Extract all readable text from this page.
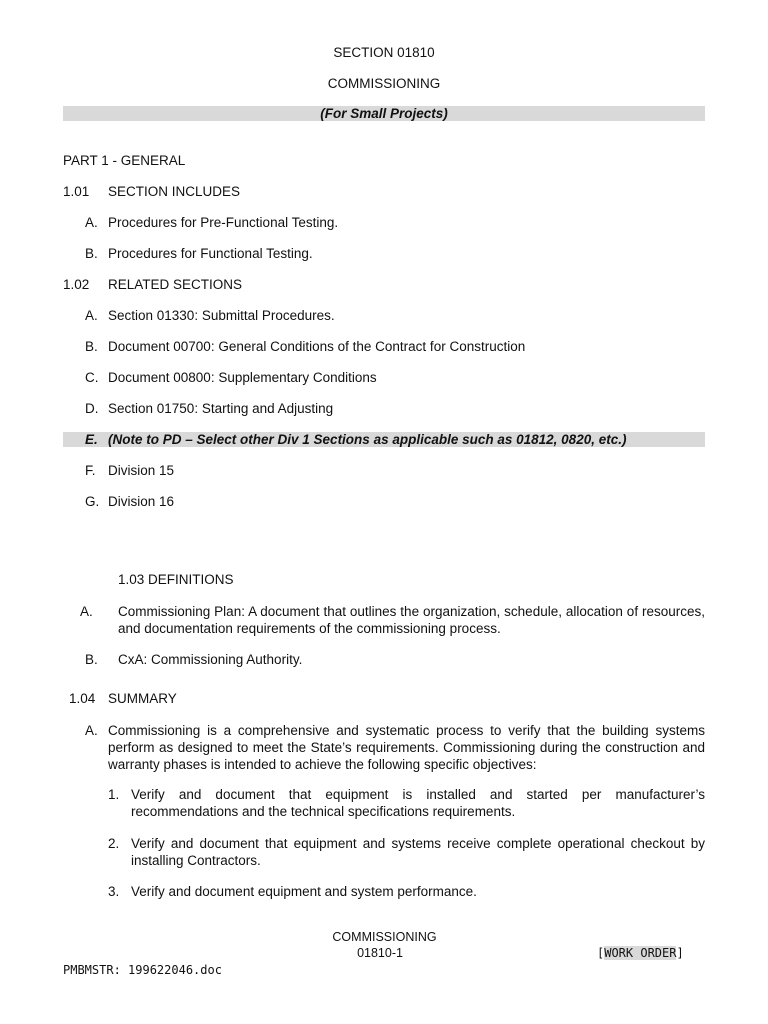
SECTION 01810
COMMISSIONING
(For Small Projects)
PART 1 - GENERAL
1.01 SECTION INCLUDES
A. Procedures for Pre-Functional Testing.
B. Procedures for Functional Testing.
1.02 RELATED SECTIONS
A. Section 01330: Submittal Procedures.
B. Document 00700: General Conditions of the Contract for Construction
C. Document 00800: Supplementary Conditions
D. Section 01750: Starting and Adjusting
E. (Note to PD – Select other Div 1 Sections as applicable such as 01812, 0820, etc.)
F. Division 15
G. Division 16
1.03 DEFINITIONS
A. Commissioning Plan: A document that outlines the organization, schedule, allocation of resources, and documentation requirements of the commissioning process.
B. CxA: Commissioning Authority.
1.04 SUMMARY
A. Commissioning is a comprehensive and systematic process to verify that the building systems perform as designed to meet the State’s requirements. Commissioning during the construction and warranty phases is intended to achieve the following specific objectives:
1. Verify and document that equipment is installed and started per manufacturer’s recommendations and the technical specifications requirements.
2. Verify and document that equipment and systems receive complete operational checkout by installing Contractors.
3. Verify and document equipment and system performance.
COMMISSIONING
01810-1	[WORK ORDER]
PMBMSTR: 199622046.doc
